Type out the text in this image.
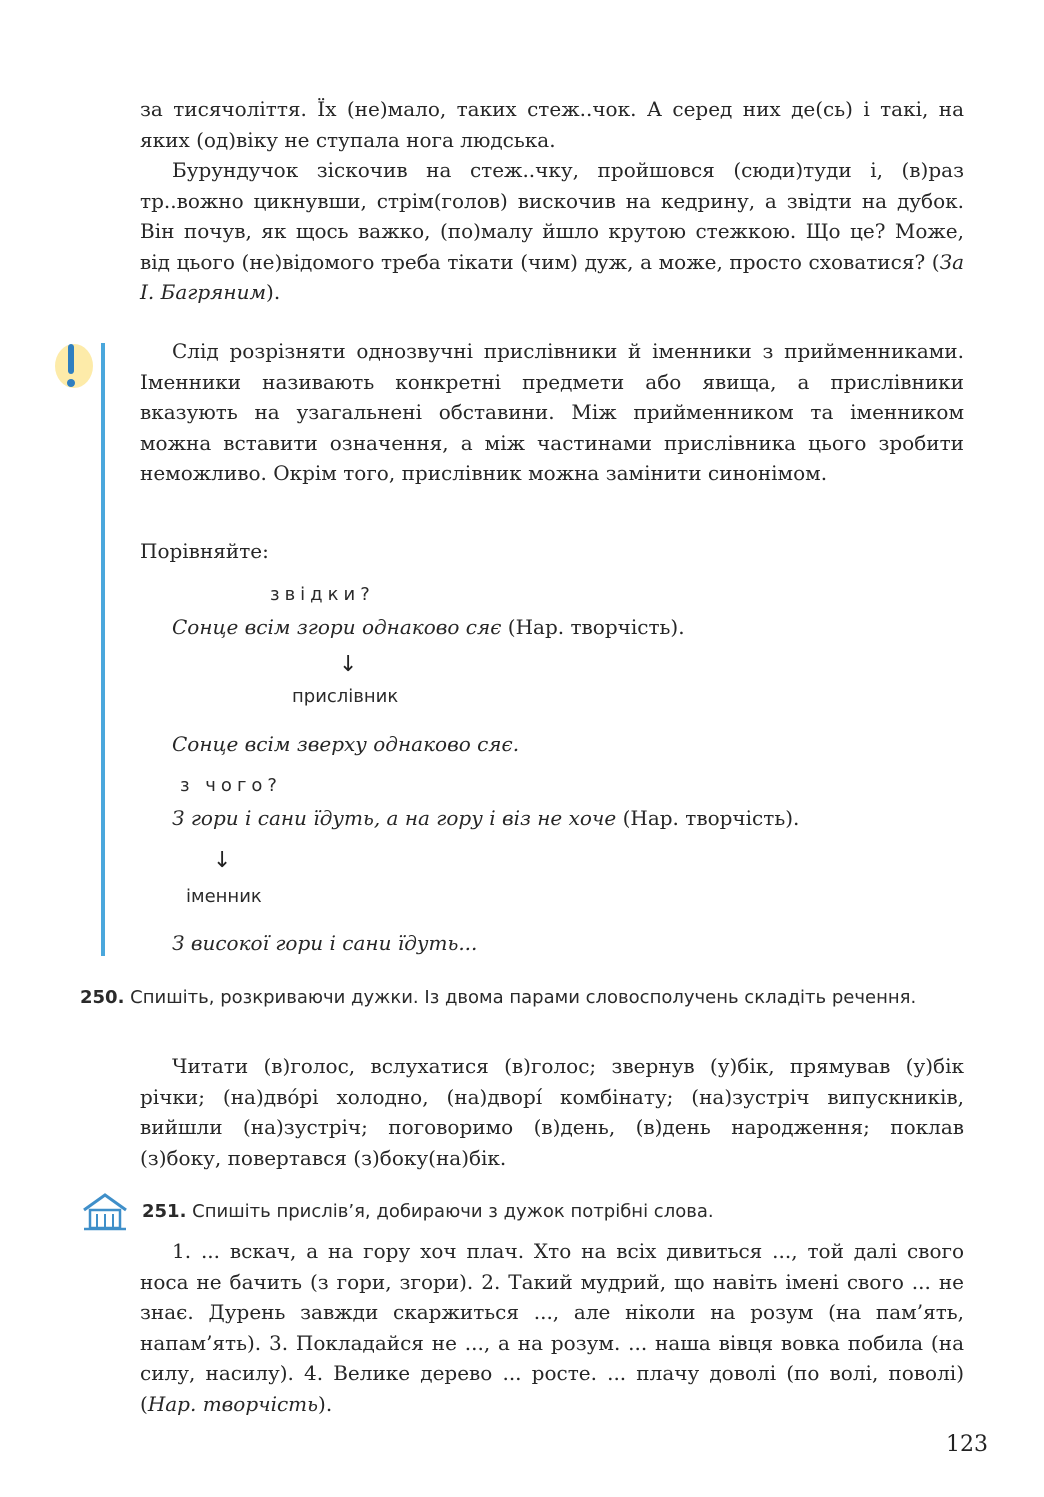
за тисячоліття. Їх (не)мало, таких стеж..чок. А серед них де(сь) і такі, на яких (од)віку не ступала нога людська.

Бурундучок зіскочив на стеж..чку, пройшовся (сюди)туди і, (в)раз тр..вожно цикнувши, стрім(голов) вискочив на кедрину, а звідти на дубок. Він почув, як щось важко, (по)малу йшло крутою стежкою. Що це? Може, від цього (не)відомого треба тікати (чим) дуж, а може, просто сховатися? (За І. Багряним).

Слід розрізняти однозвучні прислівники й іменники з прийменниками. Іменники називають конкретні предмети або явища, а прислівники вказують на узагальнені обставини. Між прийменником та іменником можна вставити означення, а між частинами прислівника цього зробити неможливо. Окрім того, прислівник можна замінити синонімом.

Порівняйте:
звідки?
Сонце всім згори однаково сяє (Нар. творчість).
↓
прислівник
Сонце всім зверху однаково сяє.
з чого?
З гори і сани їдуть, а на гору і віз не хоче (Нар. творчість).
↓
іменник
З високої гори і сани їдуть...
250. Спишіть, розкриваючи дужки. Із двома парами словосполучень складіть речення.

Читати (в)голос, вслухатися (в)голос; звернув (у)бік, прямував (у)бік річки; (на)двóрі холодно, (на)дворí комбінату; (на)зустріч випускників, вийшли (на)зустріч; поговоримо (в)день, (в)день народження; поклав (з)боку, повертався (з)боку(на)бік.

251. Спишіть прислів’я, добираючи з дужок потрібні слова.

1. ... вскач, а на гору хоч плач. Хто на всіх дивиться ..., той далі свого носа не бачить (з гори, згори). 2. Такий мудрий, що навіть імені свого ... не знає. Дурень завжди скаржиться ..., але ніколи на розум (на пам’ять, напам’ять). 3. Покладайся не ..., а на розум. ... наша вівця вовка побила (на силу, насилу). 4. Велике дерево ... росте. ... плачу доволі (по волі, поволі) (Нар. творчість).

123
